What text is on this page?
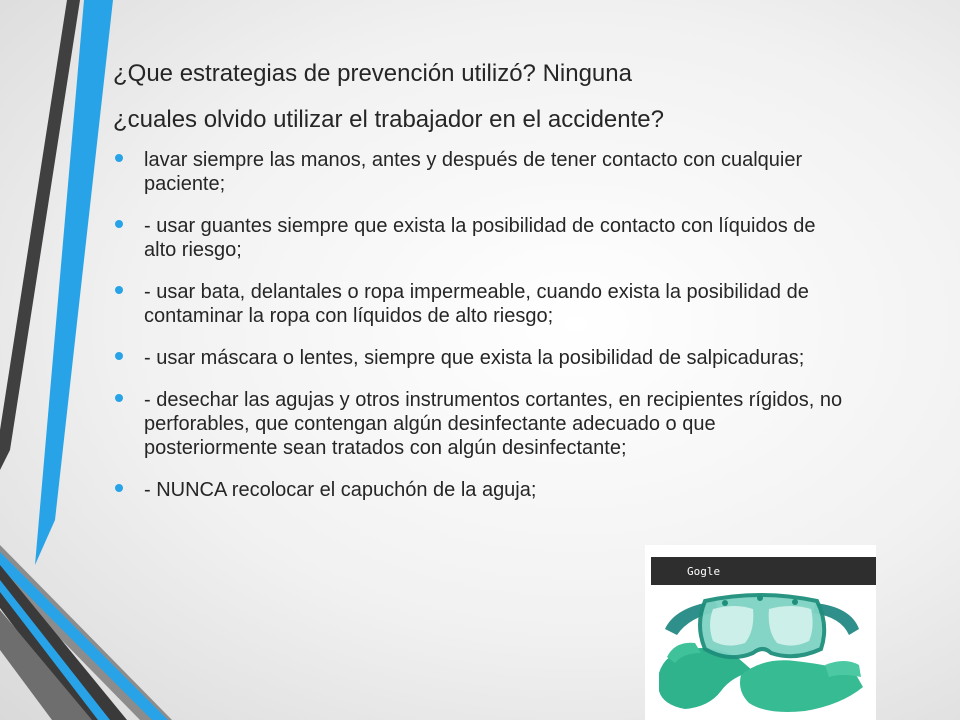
¿Que estrategias de prevención utilizó? Ninguna
¿cuales olvido utilizar el trabajador en el accidente?
lavar siempre las manos, antes y después de tener contacto con cualquier paciente;
- usar guantes siempre que exista la posibilidad de contacto con líquidos de alto riesgo;
- usar bata, delantales o ropa impermeable, cuando exista la posibilidad de contaminar la ropa con líquidos de alto riesgo;
- usar máscara o lentes, siempre que exista la posibilidad de salpicaduras;
- desechar las agujas y otros instrumentos cortantes, en recipientes rígidos, no perforables, que contengan algún desinfectante adecuado o que posteriormente sean tratados con algún desinfectante;
- NUNCA recolocar el capuchón de la aguja;
Gogle
